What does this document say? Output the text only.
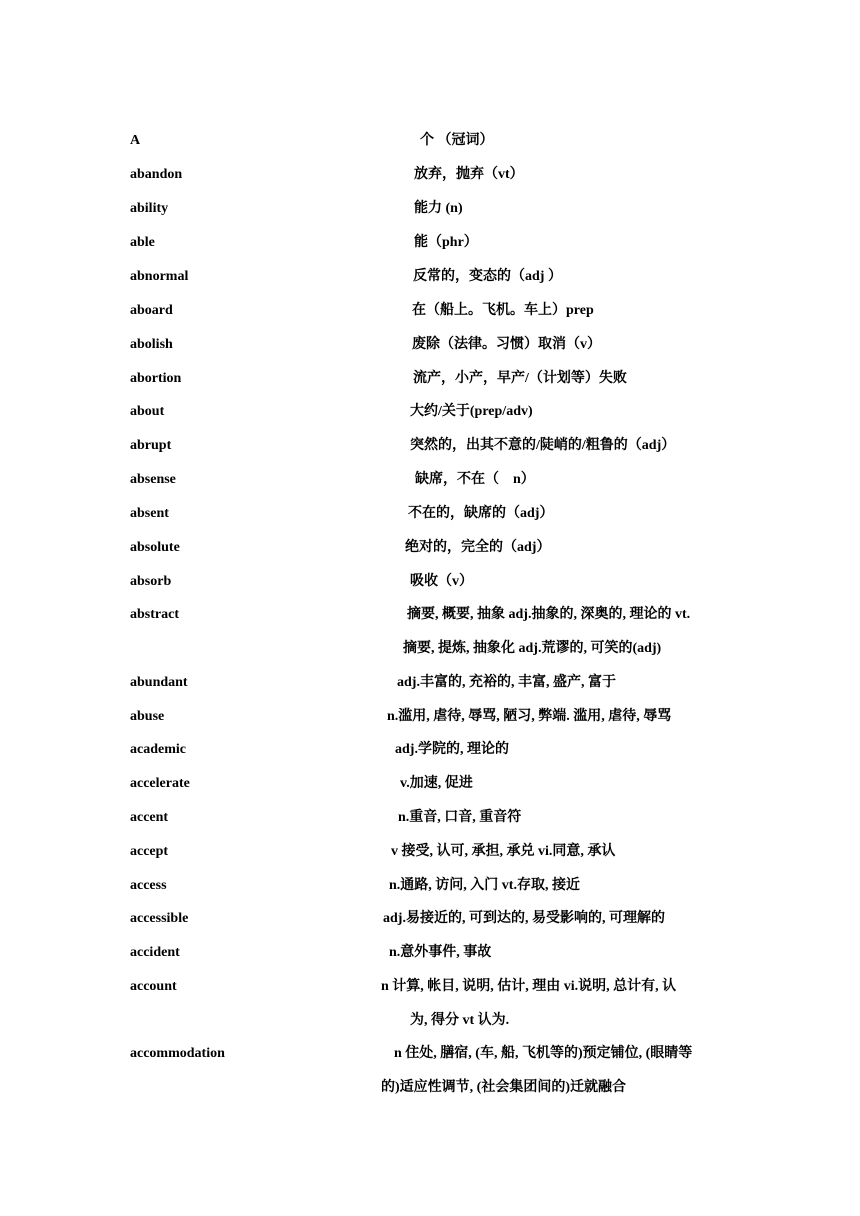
A	个 （冠词）
abandon	放弃，抛弃（vt）
ability	能力 (n)
able	能（phr）
abnormal	反常的，变态的（adj ）
aboard	在（船上。飞机。车上）prep
abolish	废除（法律。习惯）取消（v）
abortion	流产，小产，早产/（计划等）失败
about	大约/关于(prep/adv)
abrupt	突然的，出其不意的/陡峭的/粗鲁的（adj）
absense	缺席，不在（　n）
absent	不在的，缺席的（adj）
absolute	绝对的，完全的（adj）
absorb	吸收（v）
abstract	摘要, 概要, 抽象 adj.抽象的, 深奥的, 理论的 vt.
摘要, 提炼, 抽象化 adj.荒谬的, 可笑的(adj)
abundant	adj.丰富的, 充裕的, 丰富, 盛产, 富于
abuse	n.滥用, 虐待, 辱骂, 陋习, 弊端. 滥用, 虐待, 辱骂
academic	adj.学院的, 理论的
accelerate	v.加速, 促进
accent	n.重音, 口音, 重音符
accept	v 接受, 认可, 承担, 承兑 vi.同意, 承认
access	n.通路, 访问, 入门 vt.存取, 接近
accessible	adj.易接近的, 可到达的, 易受影响的, 可理解的
accident	n.意外事件, 事故
account	n 计算, 帐目, 说明, 估计, 理由 vi.说明, 总计有, 认
为, 得分 vt 认为.
accommodation	n 住处, 膳宿, (车, 船, 飞机等的)预定铺位, (眼睛等
的)适应性调节, (社会集团间的)迁就融合
